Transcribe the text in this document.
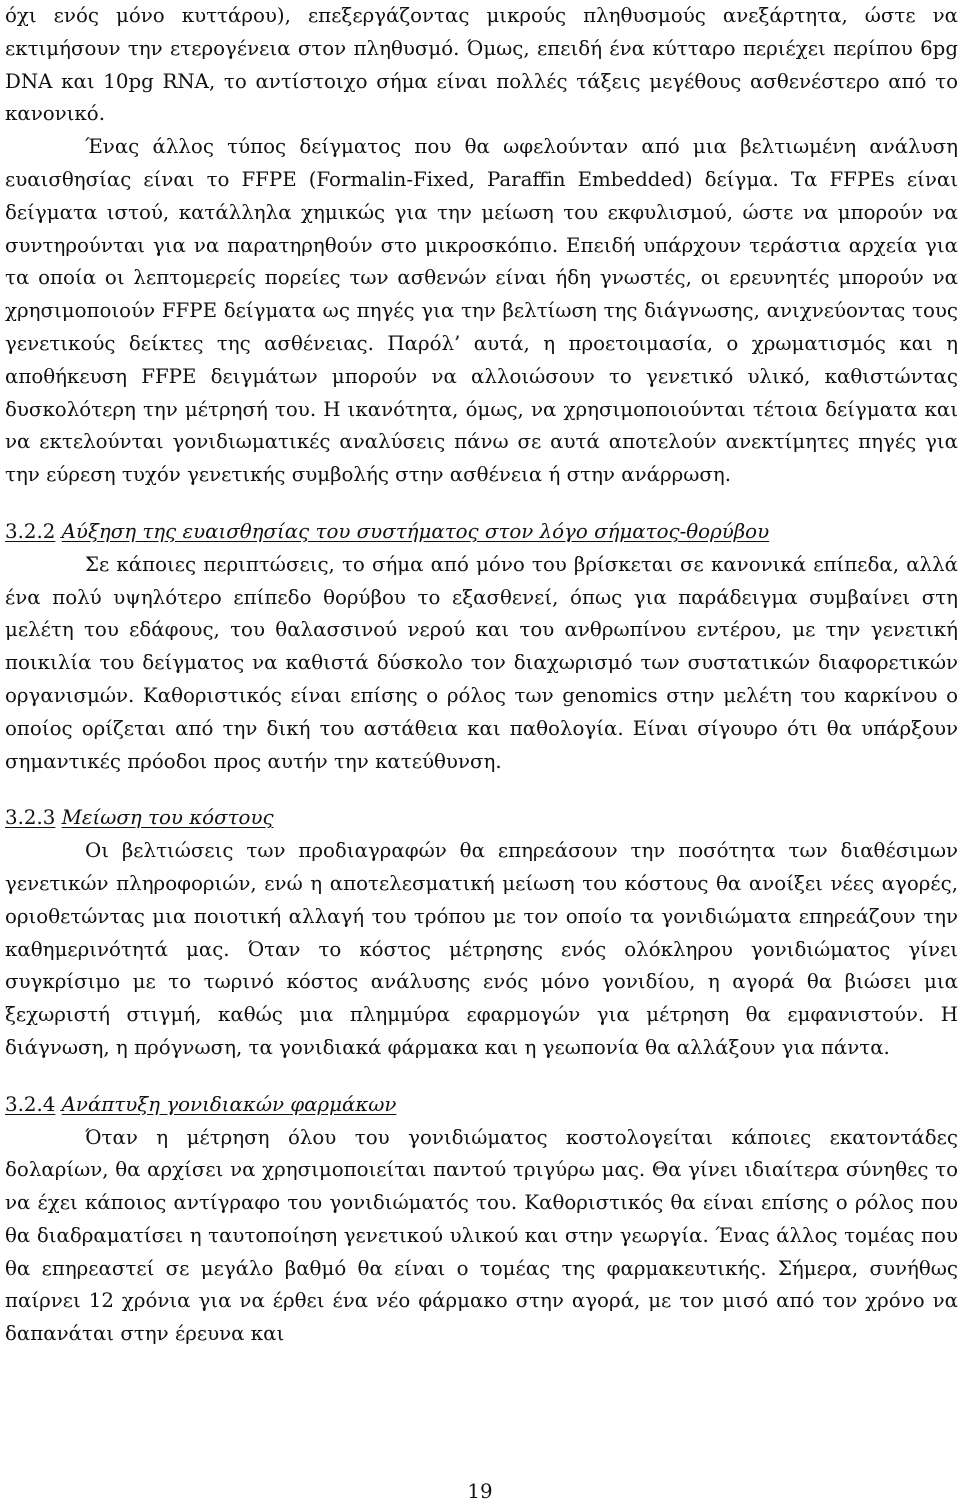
όχι ενός μόνο κυττάρου), επεξεργάζοντας μικρούς πληθυσμούς ανεξάρτητα, ώστε να εκτιμήσουν την ετερογένεια στον πληθυσμό. Όμως, επειδή ένα κύτταρο περιέχει περίπου 6pg DNA και 10pg RNA, το αντίστοιχο σήμα είναι πολλές τάξεις μεγέθους ασθενέστερο από το κανονικό.

Ένας άλλος τύπος δείγματος που θα ωφελούνταν από μια βελτιωμένη ανάλυση ευαισθησίας είναι το FFPE (Formalin-Fixed, Paraffin Embedded) δείγμα. Τα FFPEs είναι δείγματα ιστού, κατάλληλα χημικώς για την μείωση του εκφυλισμού, ώστε να μπορούν να συντηρούνται για να παρατηρηθούν στο μικροσκόπιο. Επειδή υπάρχουν τεράστια αρχεία για τα οποία οι λεπτομερείς πορείες των ασθενών είναι ήδη γνωστές, οι ερευνητές μπορούν να χρησιμοποιούν FFPE δείγματα ως πηγές για την βελτίωση της διάγνωσης, ανιχνεύοντας τους γενετικούς δείκτες της ασθένειας. Παρόλ’ αυτά, η προετοιμασία, ο χρωματισμός και η αποθήκευση FFPE δειγμάτων μπορούν να αλλοιώσουν το γενετικό υλικό, καθιστώντας δυσκολότερη την μέτρησή του. Η ικανότητα, όμως, να χρησιμοποιούνται τέτοια δείγματα και να εκτελούνται γονιδιωματικές αναλύσεις πάνω σε αυτά αποτελούν ανεκτίμητες πηγές για την εύρεση τυχόν γενετικής συμβολής στην ασθένεια ή στην ανάρρωση.

3.2.2 Αύξηση της ευαισθησίας του συστήματος στον λόγο σήματος-θορύβου

Σε κάποιες περιπτώσεις, το σήμα από μόνο του βρίσκεται σε κανονικά επίπεδα, αλλά ένα πολύ υψηλότερο επίπεδο θορύβου το εξασθενεί, όπως για παράδειγμα συμβαίνει στη μελέτη του εδάφους, του θαλασσινού νερού και του ανθρωπίνου εντέρου, με την γενετική ποικιλία του δείγματος να καθιστά δύσκολο τον διαχωρισμό των συστατικών διαφορετικών οργανισμών. Καθοριστικός είναι επίσης ο ρόλος των genomics στην μελέτη του καρκίνου ο οποίος ορίζεται από την δική του αστάθεια και παθολογία. Είναι σίγουρο ότι θα υπάρξουν σημαντικές πρόοδοι προς αυτήν την κατεύθυνση.

3.2.3 Μείωση του κόστους

Οι βελτιώσεις των προδιαγραφών θα επηρεάσουν την ποσότητα των διαθέσιμων γενετικών πληροφοριών, ενώ η αποτελεσματική μείωση του κόστους θα ανοίξει νέες αγορές, οριοθετώντας μια ποιοτική αλλαγή του τρόπου με τον οποίο τα γονιδιώματα επηρεάζουν την καθημερινότητά μας. Όταν το κόστος μέτρησης ενός ολόκληρου γονιδιώματος γίνει συγκρίσιμο με το τωρινό κόστος ανάλυσης ενός μόνο γονιδίου, η αγορά θα βιώσει μια ξεχωριστή στιγμή, καθώς μια πλημμύρα εφαρμογών για μέτρηση θα εμφανιστούν. Η διάγνωση, η πρόγνωση, τα γονιδιακά φάρμακα και η γεωπονία θα αλλάξουν για πάντα.

3.2.4 Ανάπτυξη γονιδιακών φαρμάκων

Όταν η μέτρηση όλου του γονιδιώματος κοστολογείται κάποιες εκατοντάδες δολαρίων, θα αρχίσει να χρησιμοποιείται παντού τριγύρω μας. Θα γίνει ιδιαίτερα σύνηθες το να έχει κάποιος αντίγραφο του γονιδιώματός του. Καθοριστικός θα είναι επίσης ο ρόλος που θα διαδραματίσει η ταυτοποίηση γενετικού υλικού και στην γεωργία. Ένας άλλος τομέας που θα επηρεαστεί σε μεγάλο βαθμό θα είναι ο τομέας της φαρμακευτικής. Σήμερα, συνήθως παίρνει 12 χρόνια για να έρθει ένα νέο φάρμακο στην αγορά, με τον μισό από τον χρόνο να δαπανάται στην έρευνα και

19
